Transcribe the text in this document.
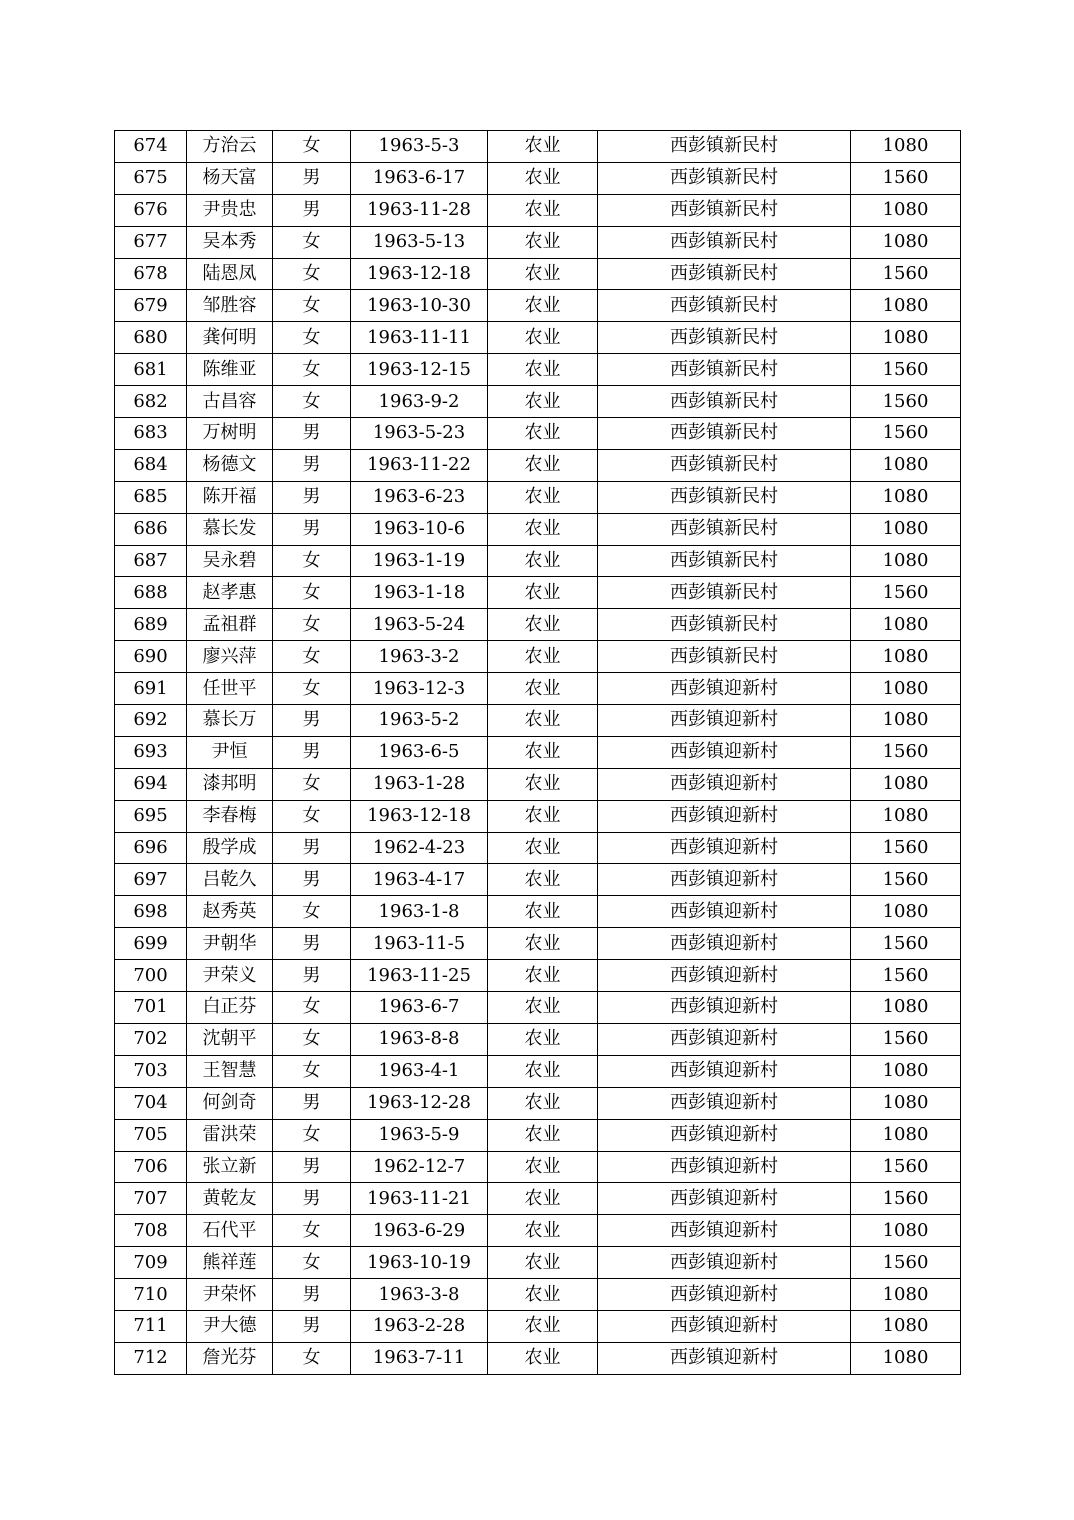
674	方治云	女	1963-5-3	农业	西彭镇新民村	1080
675	杨天富	男	1963-6-17	农业	西彭镇新民村	1560
676	尹贵忠	男	1963-11-28	农业	西彭镇新民村	1080
677	吴本秀	女	1963-5-13	农业	西彭镇新民村	1080
678	陆恩凤	女	1963-12-18	农业	西彭镇新民村	1560
679	邹胜容	女	1963-10-30	农业	西彭镇新民村	1080
680	龚何明	女	1963-11-11	农业	西彭镇新民村	1080
681	陈维亚	女	1963-12-15	农业	西彭镇新民村	1560
682	古昌容	女	1963-9-2	农业	西彭镇新民村	1560
683	万树明	男	1963-5-23	农业	西彭镇新民村	1560
684	杨德文	男	1963-11-22	农业	西彭镇新民村	1080
685	陈开福	男	1963-6-23	农业	西彭镇新民村	1080
686	慕长发	男	1963-10-6	农业	西彭镇新民村	1080
687	吴永碧	女	1963-1-19	农业	西彭镇新民村	1080
688	赵孝惠	女	1963-1-18	农业	西彭镇新民村	1560
689	孟祖群	女	1963-5-24	农业	西彭镇新民村	1080
690	廖兴萍	女	1963-3-2	农业	西彭镇新民村	1080
691	任世平	女	1963-12-3	农业	西彭镇迎新村	1080
692	慕长万	男	1963-5-2	农业	西彭镇迎新村	1080
693	尹恒	男	1963-6-5	农业	西彭镇迎新村	1560
694	漆邦明	女	1963-1-28	农业	西彭镇迎新村	1080
695	李春梅	女	1963-12-18	农业	西彭镇迎新村	1080
696	殷学成	男	1962-4-23	农业	西彭镇迎新村	1560
697	吕乾久	男	1963-4-17	农业	西彭镇迎新村	1560
698	赵秀英	女	1963-1-8	农业	西彭镇迎新村	1080
699	尹朝华	男	1963-11-5	农业	西彭镇迎新村	1560
700	尹荣义	男	1963-11-25	农业	西彭镇迎新村	1560
701	白正芬	女	1963-6-7	农业	西彭镇迎新村	1080
702	沈朝平	女	1963-8-8	农业	西彭镇迎新村	1560
703	王智慧	女	1963-4-1	农业	西彭镇迎新村	1080
704	何剑奇	男	1963-12-28	农业	西彭镇迎新村	1080
705	雷洪荣	女	1963-5-9	农业	西彭镇迎新村	1080
706	张立新	男	1962-12-7	农业	西彭镇迎新村	1560
707	黄乾友	男	1963-11-21	农业	西彭镇迎新村	1560
708	石代平	女	1963-6-29	农业	西彭镇迎新村	1080
709	熊祥莲	女	1963-10-19	农业	西彭镇迎新村	1560
710	尹荣怀	男	1963-3-8	农业	西彭镇迎新村	1080
711	尹大德	男	1963-2-28	农业	西彭镇迎新村	1080
712	詹光芬	女	1963-7-11	农业	西彭镇迎新村	1080
